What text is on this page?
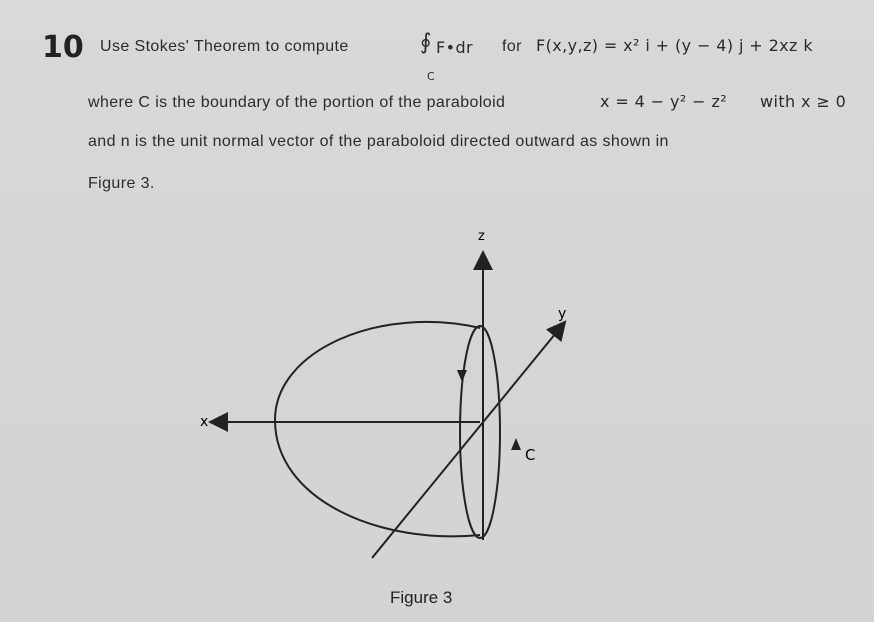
10 Use Stokes' Theorem to compute	∮ F•dr
C
for F(x,y,z) = x² i + (y − 4) j + 2xz k
where C is the boundary of the portion of the paraboloid	x = 4 − y² − z² with x ≥ 0
and n is the unit normal vector of the paraboloid directed outward as shown in
Figure 3.
z
y
x
C
Figure 3
